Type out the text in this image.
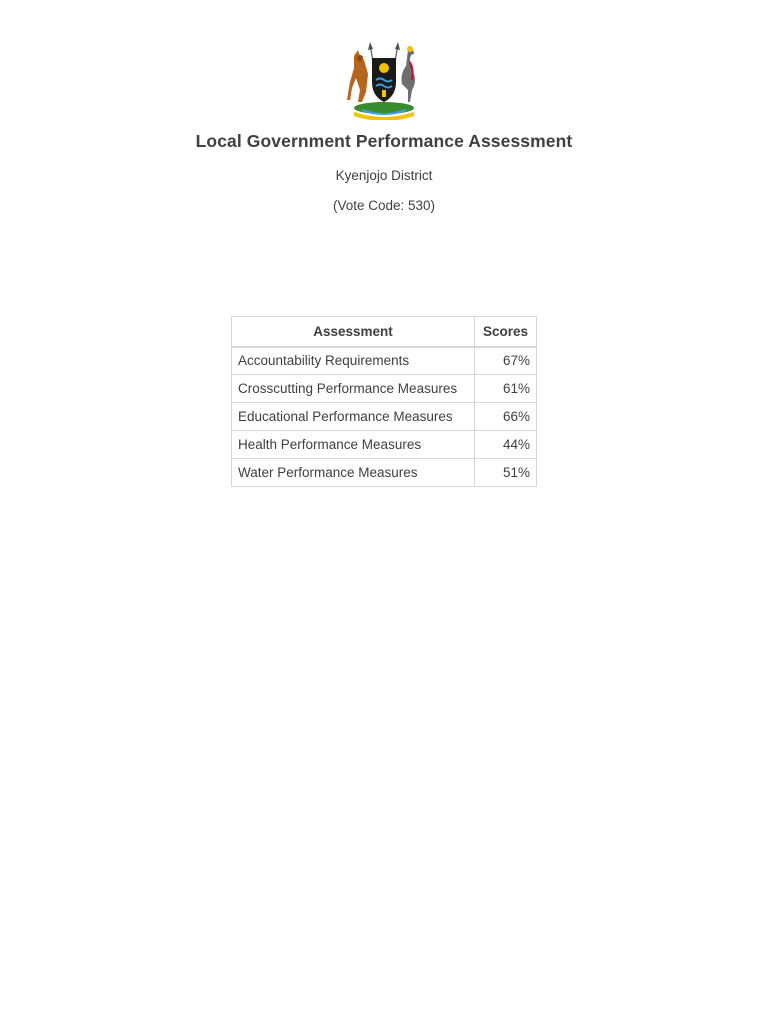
Local Government Performance Assessment
Kyenjojo District
(Vote Code: 530)
Assessment	Scores
Accountability Requirements	67%
Crosscutting Performance Measures	61%
Educational Performance Measures	66%
Health Performance Measures	44%
Water Performance Measures	51%
